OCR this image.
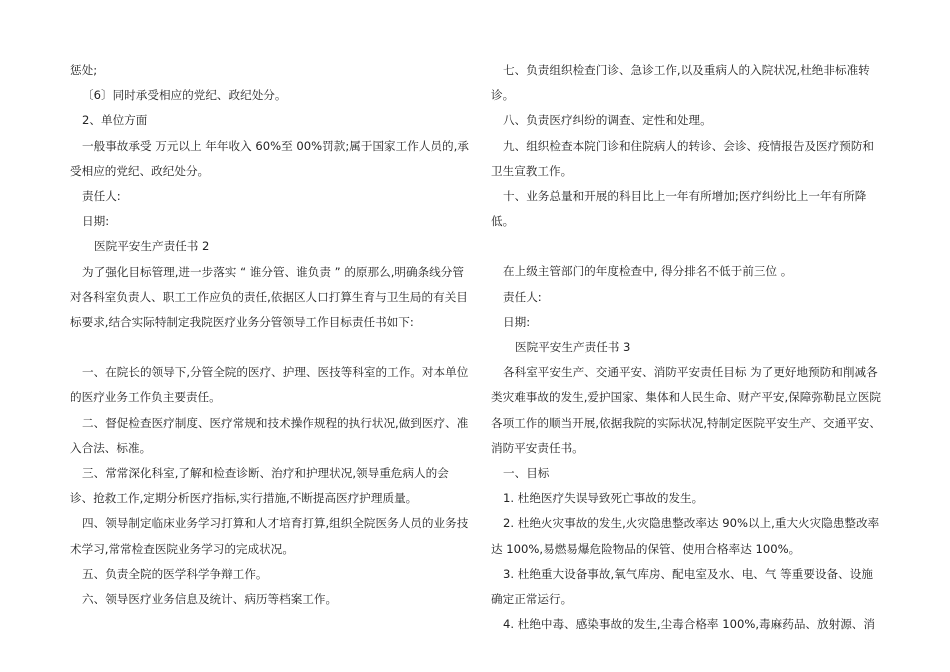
惩处;

〔6〕同时承受相应的党纪、政纪处分。

2、单位方面

一般事故承受 万元以上 年年收入 60%至 00%罚款;属于国家工作人员的,承受相应的党纪、政纪处分。

责任人:

日期:

医院平安生产责任书 2

为了强化目标管理,进一步落实 “ 谁分管、谁负责 ” 的原那么,明确条线分管对各科室负责人、职工工作应负的责任,依据区人口打算生育与卫生局的有关目标要求,结合实际特制定我院医疗业务分管领导工作目标责任书如下:

一、在院长的领导下,分管全院的医疗、护理、医技等科室的工作。对本单位的医疗业务工作负主要责任。

二、督促检查医疗制度、医疗常规和技术操作规程的执行状况,做到医疗、准入合法、标准。

三、常常深化科室,了解和检查诊断、治疗和护理状况,领导重危病人的会诊、抢救工作,定期分析医疗指标,实行措施,不断提高医疗护理质量。

四、领导制定临床业务学习打算和人才培育打算,组织全院医务人员的业务技术学习,常常检查医院业务学习的完成状况。

五、负责全院的医学科学争辩工作。

六、领导医疗业务信息及统计、病历等档案工作。

七、负责组织检查门诊、急诊工作,以及重病人的入院状况,杜绝非标准转诊。

八、负责医疗纠纷的调查、定性和处理。

九、组织检查本院门诊和住院病人的转诊、会诊、疫情报告及医疗预防和卫生宣教工作。

十、业务总量和开展的科目比上一年有所增加;医疗纠纷比上一年有所降低。

在上级主管部门的年度检查中, 得分排名不低于前三位 。

责任人:

日期:

医院平安生产责任书 3

各科室平安生产、交通平安、消防平安责任目标 为了更好地预防和削减各类灾难事故的发生,爱护国家、集体和人民生命、财产平安,保障弥勒昆立医院各项工作的顺当开展,依据我院的实际状况,特制定医院平安生产、交通平安、消防平安责任书。

一、目标

1. 杜绝医疗失误导致死亡事故的发生。

2. 杜绝火灾事故的发生,火灾隐患整改率达 90%以上,重大火灾隐患整改率达 100%,易燃易爆危险物品的保管、使用合格率达 100%。

3. 杜绝重大设备事故,氧气库房、配电室及水、电、气 等重要设备、设施确定正常运行。

4. 杜绝中毒、感染事故的发生,尘毒合格率 100%,毒麻药品、放射源、消
